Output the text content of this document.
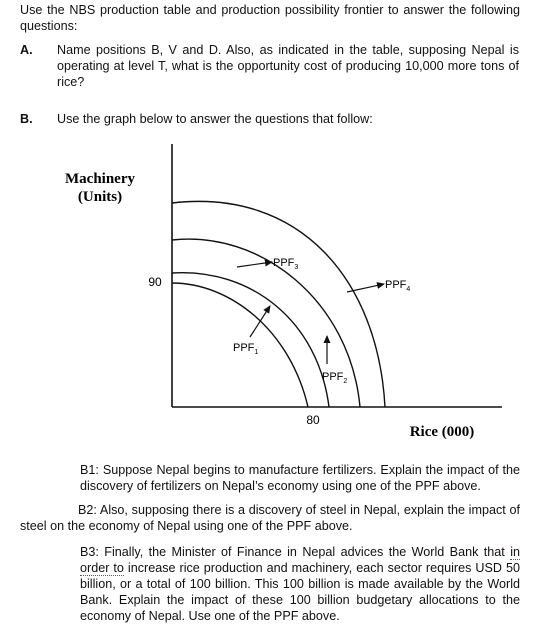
Use the NBS production table and production possibility frontier to answer the following questions:
A. Name positions B, V and D. Also, as indicated in the table, supposing Nepal is operating at level T, what is the opportunity cost of producing 10,000 more tons of rice?
B. Use the graph below to answer the questions that follow:
Machinery
(Units)
Rice (000)
90
80
$PPF_1$
$PPF_2$
$PPF_3$
$PPF_4$
B1: Suppose Nepal begins to manufacture fertilizers. Explain the impact of the discovery of fertilizers on Nepal’s economy using one of the PPF above.
B2: Also, supposing there is a discovery of steel in Nepal, explain the impact of steel on the economy of Nepal using one of the PPF above.
B3: Finally, the Minister of Finance in Nepal advices the World Bank that in order to increase rice production and machinery, each sector requires USD 50 billion, or a total of 100 billion. This 100 billion is made available by the World Bank. Explain the impact of these 100 billion budgetary allocations to the economy of Nepal. Use one of the PPF above.
